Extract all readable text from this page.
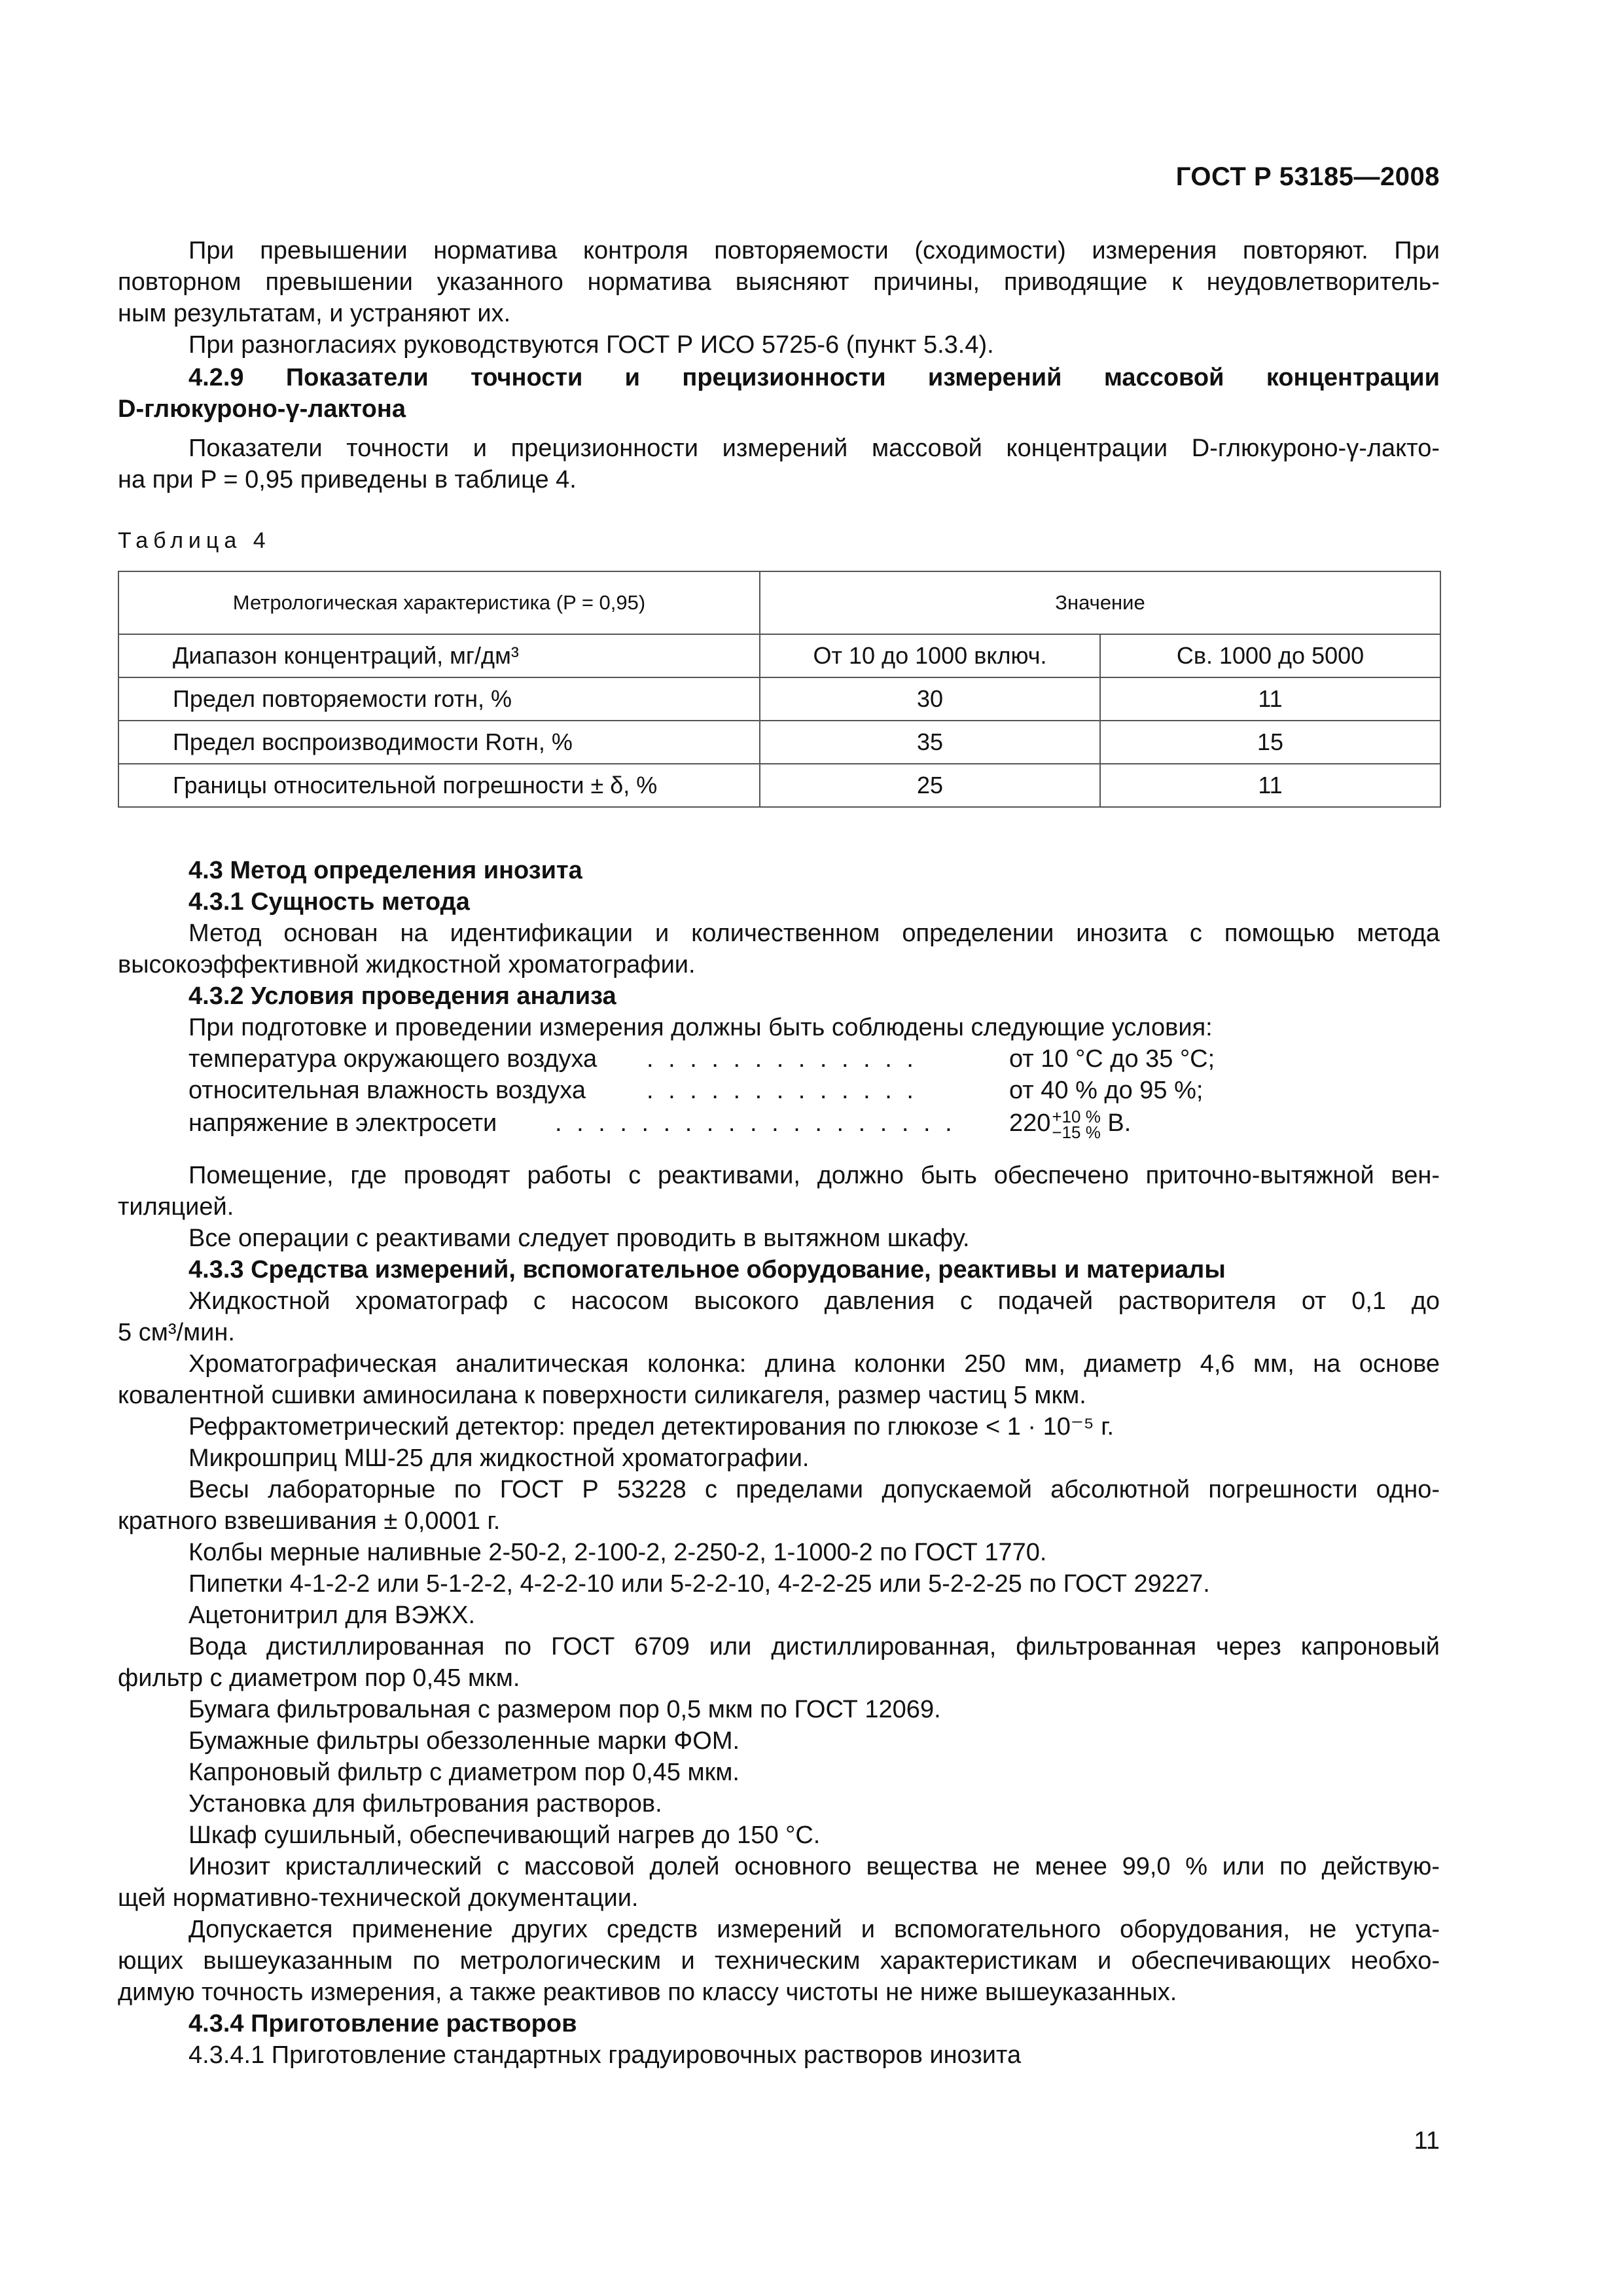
ГОСТ Р 53185—2008
При превышении норматива контроля повторяемости (сходимости) измерения повторяют. При
повторном превышении указанного норматива выясняют причины, приводящие к неудовлетворитель-
ным результатам, и устраняют их.
При разногласиях руководствуются ГОСТ Р ИСО 5725-6 (пункт 5.3.4).
4.2.9 Показатели точности и прецизионности измерений массовой концентрации
D-глюкуроно-γ-лактона
Показатели точности и прецизионности измерений массовой концентрации D-глюкуроно-γ-лакто-
на при P = 0,95 приведены в таблице 4.
Таблица 4
Метрологическая характеристика (P = 0,95)	Значение	
Диапазон концентраций, мг/дм³	От 10 до 1000 включ.	Св. 1000 до 5000
Предел повторяемости rотн, %	30	11
Предел воспроизводимости Rотн, %	35	15
Границы относительной погрешности ± δ, %	25	11
4.3 Метод определения инозита
4.3.1 Сущность метода
Метод основан на идентификации и количественном определении инозита с помощью метода
высокоэффективной жидкостной хроматографии.
4.3.2 Условия проведения анализа
При подготовке и проведении измерения должны быть соблюдены следующие условия:
. . . . . . . . . . . . .
температура окружающего воздуха	от 10 °С до 35 °С;
. . . . . . . . . . . . .
относительная влажность воздуха	от 40 % до 95 %;
. . . . . . . . . . . . . . . . . . .
напряжение в электросети	220 +10 %
−15 % В.
Помещение, где проводят работы с реактивами, должно быть обеспечено приточно-вытяжной вен-
тиляцией.
Все операции с реактивами следует проводить в вытяжном шкафу.
4.3.3 Средства измерений, вспомогательное оборудование, реактивы и материалы
Жидкостной хроматограф с насосом высокого давления с подачей растворителя от 0,1 до
5 см³/мин.
Хроматографическая аналитическая колонка: длина колонки 250 мм, диаметр 4,6 мм, на основе
ковалентной сшивки аминосилана к поверхности силикагеля, размер частиц 5 мкм.
Рефрактометрический детектор: предел детектирования по глюкозе < 1 · 10⁻⁵ г.
Микрошприц МШ-25 для жидкостной хроматографии.
Весы лабораторные по ГОСТ Р 53228 с пределами допускаемой абсолютной погрешности одно-
кратного взвешивания ± 0,0001 г.
Колбы мерные наливные 2-50-2, 2-100-2, 2-250-2, 1-1000-2 по ГОСТ 1770.
Пипетки 4-1-2-2 или 5-1-2-2, 4-2-2-10 или 5-2-2-10, 4-2-2-25 или 5-2-2-25 по ГОСТ 29227.
Ацетонитрил для ВЭЖХ.
Вода дистиллированная по ГОСТ 6709 или дистиллированная, фильтрованная через капроновый
фильтр с диаметром пор 0,45 мкм.
Бумага фильтровальная с размером пор 0,5 мкм по ГОСТ 12069.
Бумажные фильтры обеззоленные марки ФОМ.
Капроновый фильтр с диаметром пор 0,45 мкм.
Установка для фильтрования растворов.
Шкаф сушильный, обеспечивающий нагрев до 150 °С.
Инозит кристаллический с массовой долей основного вещества не менее 99,0 % или по действую-
щей нормативно-технической документации.
Допускается применение других средств измерений и вспомогательного оборудования, не уступа-
ющих вышеуказанным по метрологическим и техническим характеристикам и обеспечивающих необхо-
димую точность измерения, а также реактивов по классу чистоты не ниже вышеуказанных.
4.3.4 Приготовление растворов
4.3.4.1 Приготовление стандартных градуировочных растворов инозита
11
